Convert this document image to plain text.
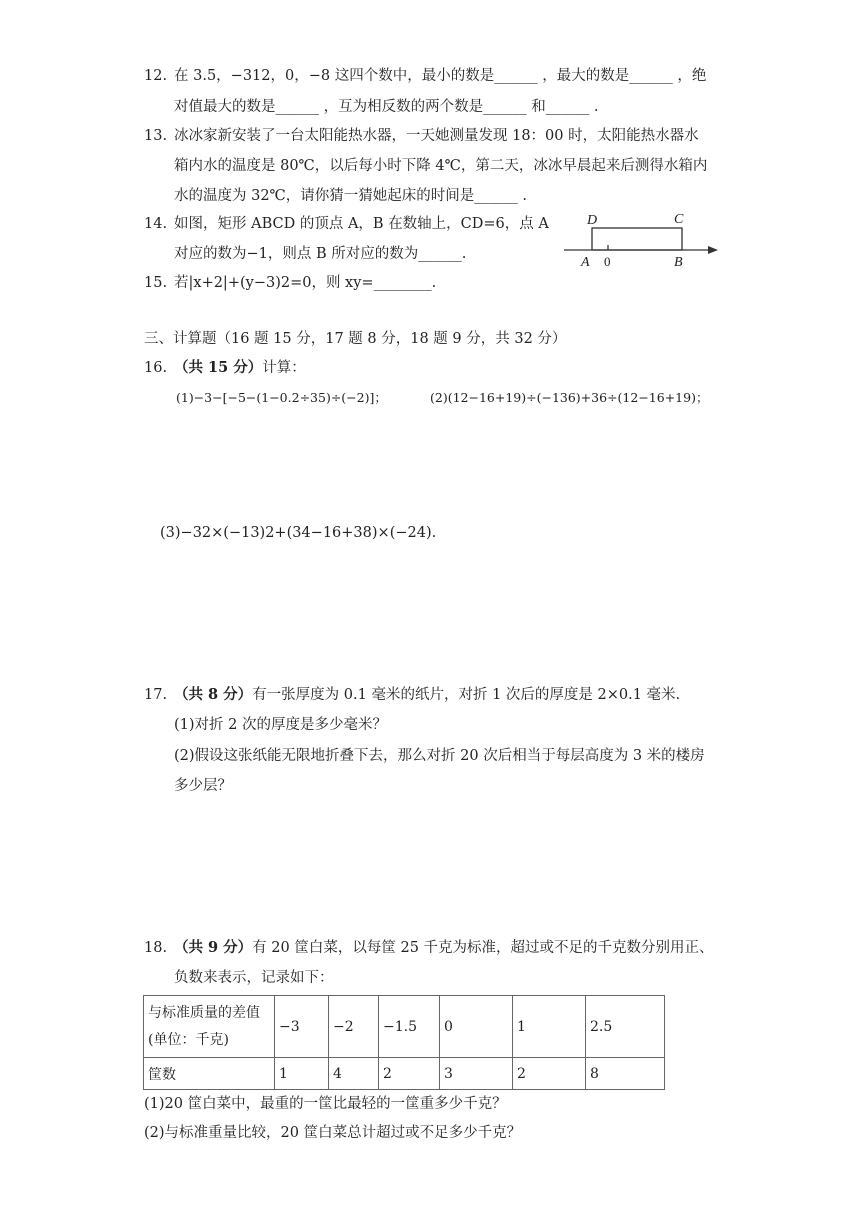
12. 在 3.5，−312，0，−8 这四个数中，最小的数是______ ，最大的数是______ ，绝
对值最大的数是______ ，互为相反数的两个数是______ 和______ .
13. 冰冰家新安装了一台太阳能热水器，一天她测量发现 18：00 时，太阳能热水器水
箱内水的温度是 80℃，以后每小时下降 4℃，第二天，冰冰早晨起来后测得水箱内
水的温度为 32℃，请你猜一猜她起床的时间是______ .
14. 如图，矩形 ABCD 的顶点 A，B 在数轴上，CD=6，点 A
对应的数为−1，则点 B 所对应的数为______.
D	C
A 0	B
15. 若|x+2|+(y−3)2=0，则 xy=________.
三、计算题（16 题 15 分，17 题 8 分，18 题 9 分，共 32 分）
16. （共 15 分）计算：
(1)−3−[−5−(1−0.2÷35)÷(−2)]；	(2)(12−16+19)÷(−136)+36÷(12−16+19)；
(3)−32×(−13)2+(34−16+38)×(−24).
17. （共 8 分）有一张厚度为 0.1 毫米的纸片，对折 1 次后的厚度是 2×0.1 毫米.
(1)对折 2 次的厚度是多少毫米？
(2)假设这张纸能无限地折叠下去，那么对折 20 次后相当于每层高度为 3 米的楼房
多少层？
18. （共 9 分）有 20 筐白菜，以每筐 25 千克为标准，超过或不足的千克数分别用正、
负数来表示，记录如下：
与标准质量的差值
(单位：千克)	−3	−2	−1.5	0	1	2.5
筐数	1	4	2	3	2	8
(1)20 筐白菜中，最重的一筐比最轻的一筐重多少千克？
(2)与标准重量比较，20 筐白菜总计超过或不足多少千克？
